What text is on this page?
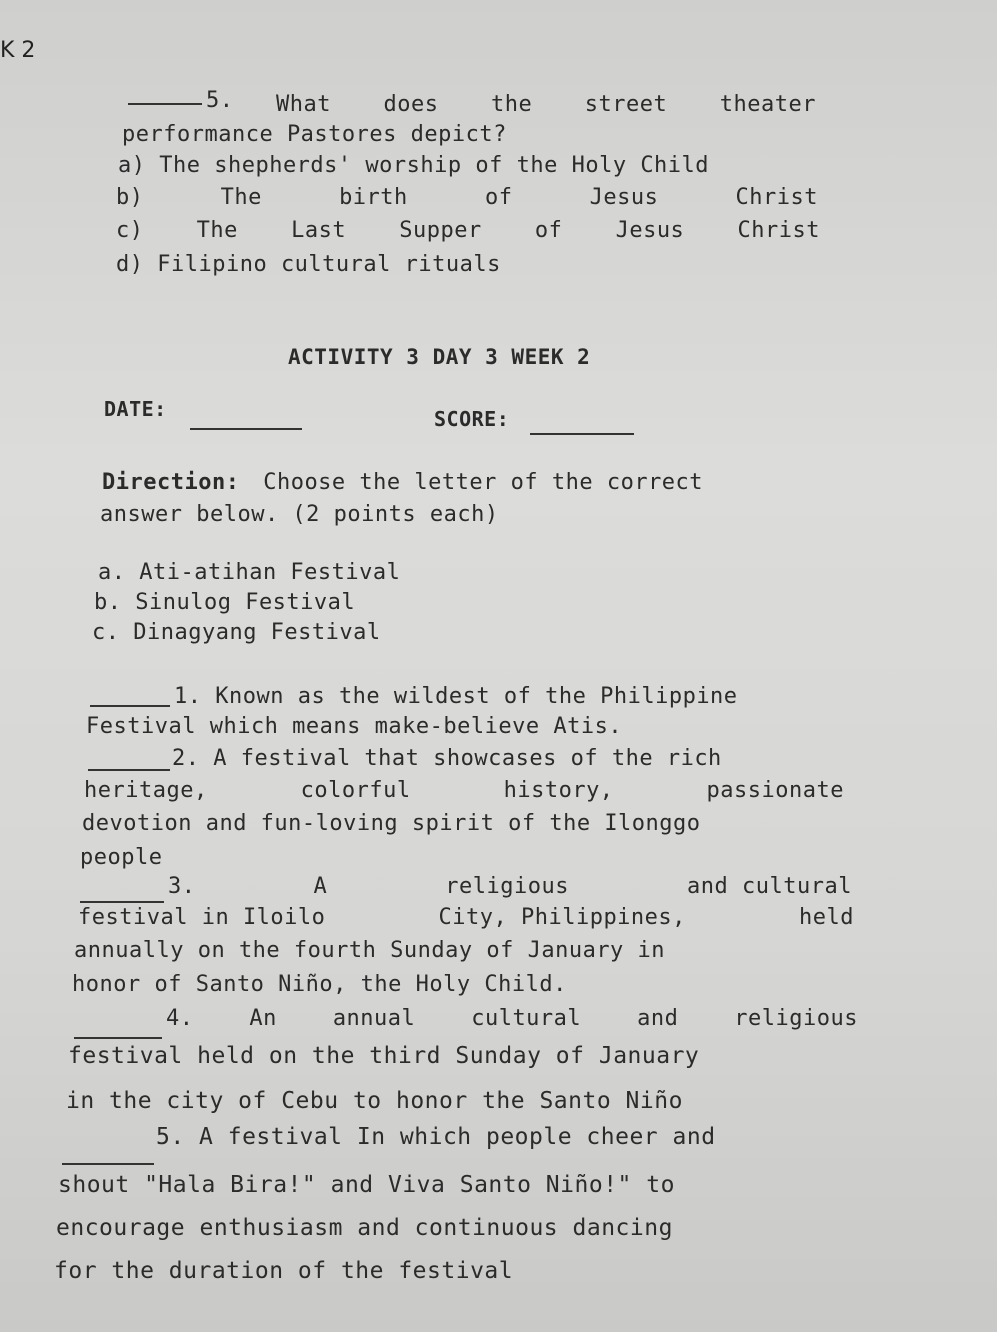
K 2
5. What does the street theater
performance Pastores depict?
a) The shepherds' worship of the Holy Child
b)	The	birth	of	Jesus	Christ
c) The Last Supper of Jesus Christ
d) Filipino cultural rituals
ACTIVITY 3 DAY 3 WEEK 2
DATE:	SCORE:
Direction: Choose the letter of the correct
answer below. (2 points each)
a. Ati-atihan Festival
b. Sinulog Festival
c. Dinagyang Festival
1. Known as the wildest of the Philippine
Festival which means make-believe Atis.
2. A festival that showcases of the rich
heritage,	colorful	history,	passionate
devotion and fun-loving spirit of the Ilonggo
people
3.	A	religious	and cultural
festival in Iloilo	City, Philippines,	held
annually on the fourth Sunday of January in
honor of Santo Niño, the Holy Child.
4.	An	annual	cultural	and	religious
festival held on the third Sunday of January
in the city of Cebu to honor the Santo Niño
5. A festival In which people cheer and
shout "Hala Bira!" and Viva Santo Niño!" to
encourage enthusiasm and continuous dancing
for the duration of the festival
